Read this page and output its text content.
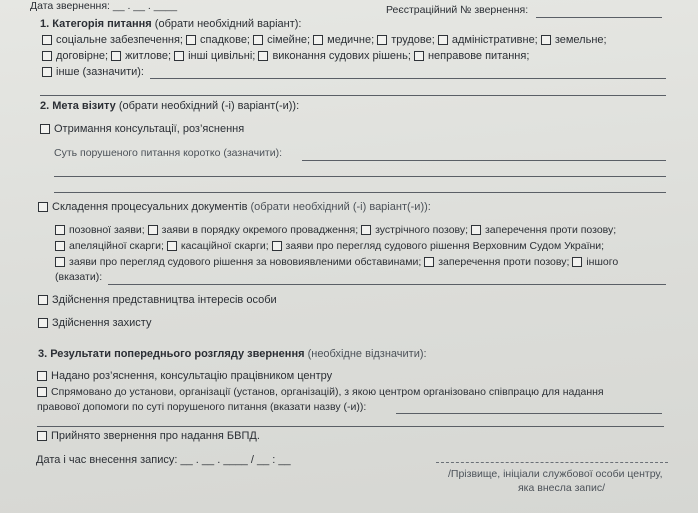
Дата звернення: __ . __ . ____	Реєстраційний № звернення:
1. Категорія питання (обрати необхідний варіант):
соціальне забезпечення; спадкове; сімейне; медичне; трудове; адміністративне; земельне;
договірне; житлове; інші цивільні; виконання судових рішень; неправове питання;
інше (зазначити):
2. Мета візиту (обрати необхідний (-і) варіант(-и)):
Отримання консультації, роз’яснення
Суть порушеного питання коротко (зазначити):
Складення процесуальних документів (обрати необхідний (-і) варіант(-и)):
позовної заяви; заяви в порядку окремого провадження; зустрічного позову; заперечення проти позову;
апеляційної скарги; касаційної скарги; заяви про перегляд судового рішення Верховним Судом України;
заяви про перегляд судового рішення за нововиявленими обставинами; заперечення проти позову; іншого
(вказати):
Здійснення представництва інтересів особи
Здійснення захисту
3. Результати попереднього розгляду звернення (необхідне відзначити):
Надано роз’яснення, консультацію працівником центру
Спрямовано до установи, організації (установ, організацій), з якою центром організовано співпрацю для надання
правової допомоги по суті порушеного питання (вказати назву (-и)):
Прийнято звернення про надання БВПД.
Дата і час внесення запису: __ . __ . ____ / __ : __
/Прізвище, ініціали службової особи центру,
яка внесла запис/
